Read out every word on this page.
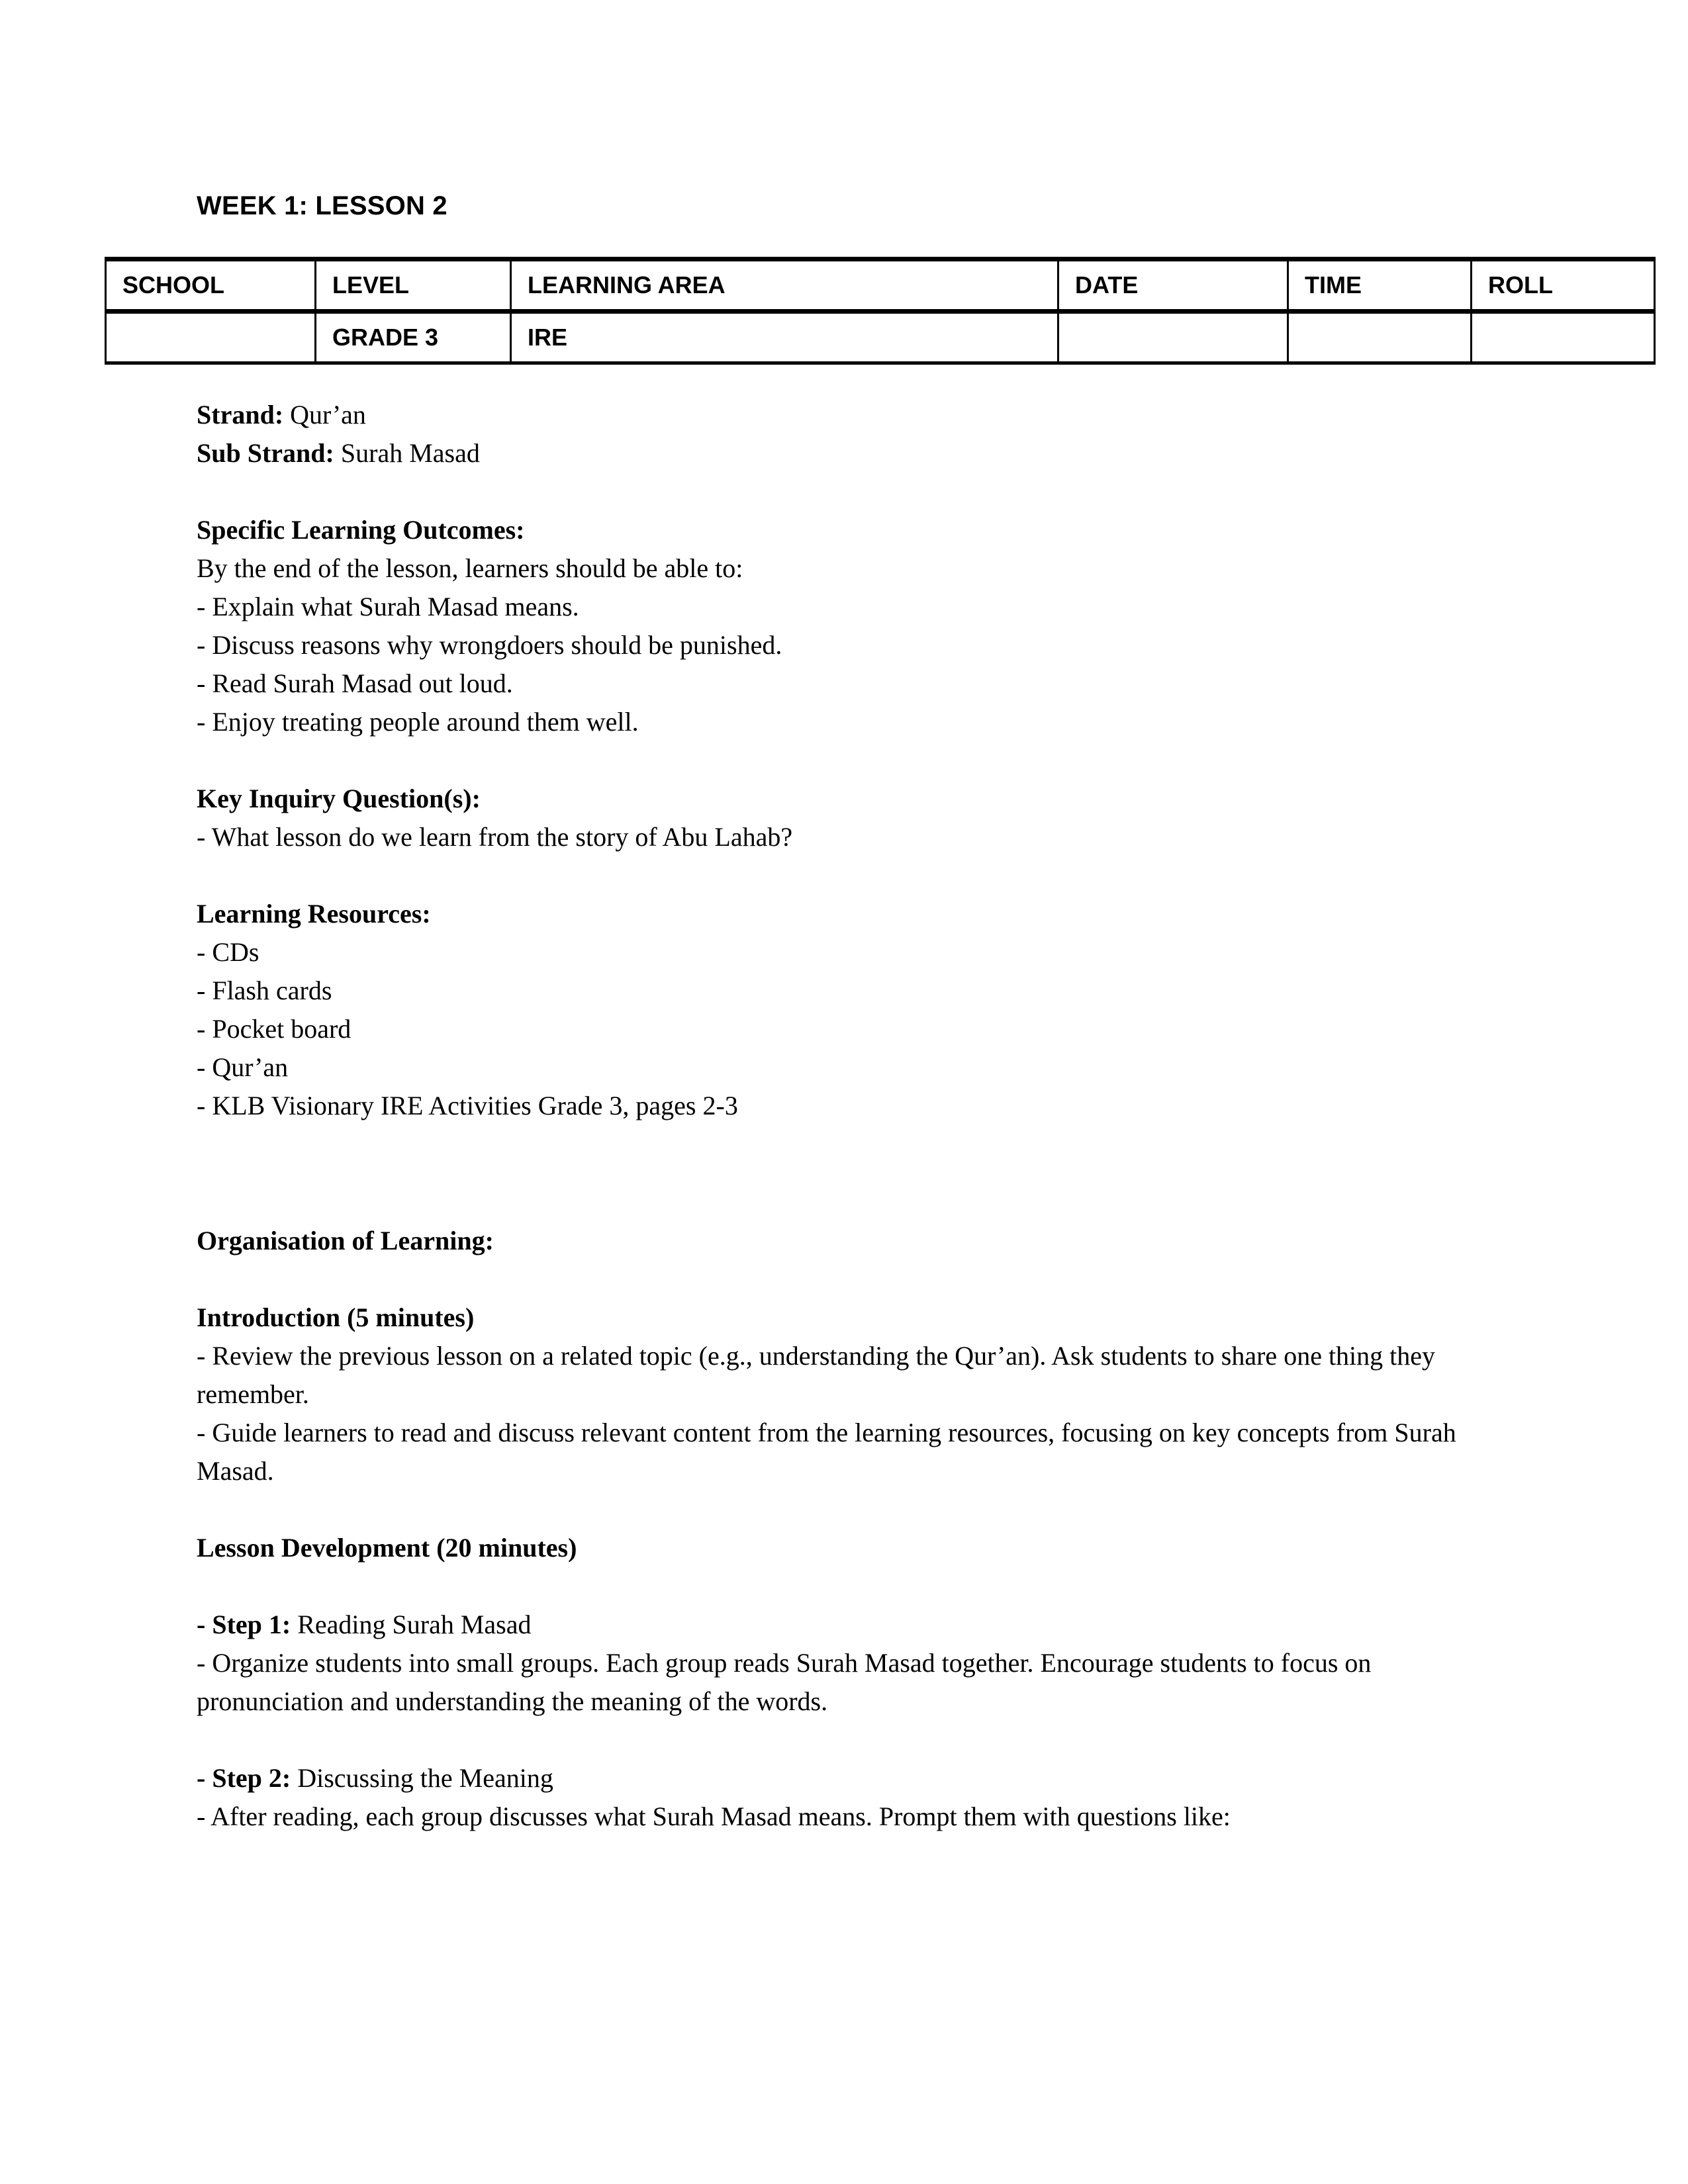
WEEK 1: LESSON 2
SCHOOL	LEVEL	LEARNING AREA	DATE	TIME	ROLL
	GRADE 3	IRE			

Strand: Qur’an

Sub Strand: Surah Masad

Specific Learning Outcomes:

By the end of the lesson, learners should be able to:

- Explain what Surah Masad means.

- Discuss reasons why wrongdoers should be punished.

- Read Surah Masad out loud.

- Enjoy treating people around them well.

Key Inquiry Question(s):

- What lesson do we learn from the story of Abu Lahab?

Learning Resources:

- CDs

- Flash cards

- Pocket board

- Qur’an

- KLB Visionary IRE Activities Grade 3, pages 2-3

Organisation of Learning:

Introduction (5 minutes)

- Review the previous lesson on a related topic (e.g., understanding the Qur’an). Ask students to share one thing they remember.

- Guide learners to read and discuss relevant content from the learning resources, focusing on key concepts from Surah Masad.

Lesson Development (20 minutes)

- Step 1: Reading Surah Masad

- Organize students into small groups. Each group reads Surah Masad together. Encourage students to focus on pronunciation and understanding the meaning of the words.

- Step 2: Discussing the Meaning

- After reading, each group discusses what Surah Masad means. Prompt them with questions like:
